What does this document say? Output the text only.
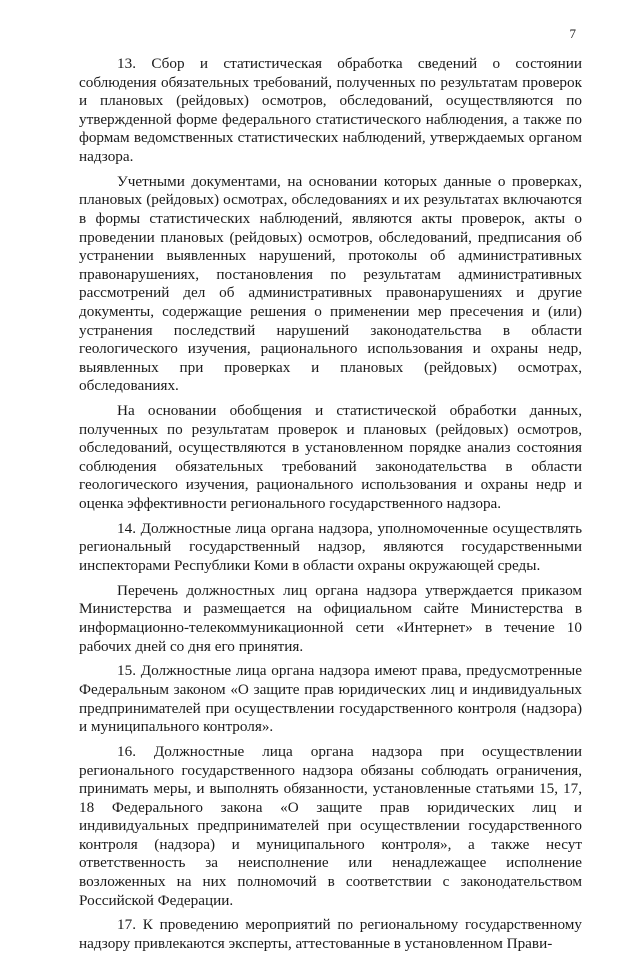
7

13. Сбор и статистическая обработка сведений о состоянии соблюдения обязательных требований, полученных по результатам проверок и плановых (рейдовых) осмотров, обследований, осуществляются по утвержденной форме федерального статистического наблюдения, а также по формам ведомственных статистических наблюдений, утверждаемых органом надзора.

Учетными документами, на основании которых данные о проверках, плановых (рейдовых) осмотрах, обследованиях и их результатах включаются в формы статистических наблюдений, являются акты проверок, акты о проведении плановых (рейдовых) осмотров, обследований, предписания об устранении выявленных нарушений, протоколы об административных правонарушениях, постановления по результатам административных рассмотрений дел об административных правонарушениях и другие документы, содержащие решения о применении мер пресечения и (или) устранения последствий нарушений законодательства в области геологического изучения, рационального использования и охраны недр, выявленных при проверках и плановых (рейдовых) осмотрах, обследованиях.

На основании обобщения и статистической обработки данных, полученных по результатам проверок и плановых (рейдовых) осмотров, обследований, осуществляются в установленном порядке анализ состояния соблюдения обязательных требований законодательства в области геологического изучения, рационального использования и охраны недр и оценка эффективности регионального государственного надзора.

14. Должностные лица органа надзора, уполномоченные осуществлять региональный государственный надзор, являются государственными инспекторами Республики Коми в области охраны окружающей среды.

Перечень должностных лиц органа надзора утверждается приказом Министерства и размещается на официальном сайте Министерства в информационно-телекоммуникационной сети «Интернет» в течение 10 рабочих дней со дня его принятия.

15. Должностные лица органа надзора имеют права, предусмотренные Федеральным законом «О защите прав юридических лиц и индивидуальных предпринимателей при осуществлении государственного контроля (надзора) и муниципального контроля».

16. Должностные лица органа надзора при осуществлении регионального государственного надзора обязаны соблюдать ограничения, принимать меры, и выполнять обязанности, установленные статьями 15, 17, 18 Федерального закона «О защите прав юридических лиц и индивидуальных предпринимателей при осуществлении государственного контроля (надзора) и муниципального контроля», а также несут ответственность за неисполнение или ненадлежащее исполнение возложенных на них полномочий в соответствии с законодательством Российской Федерации.

17. К проведению мероприятий по региональному государственному надзору привлекаются эксперты, аттестованные в установленном Прави-
